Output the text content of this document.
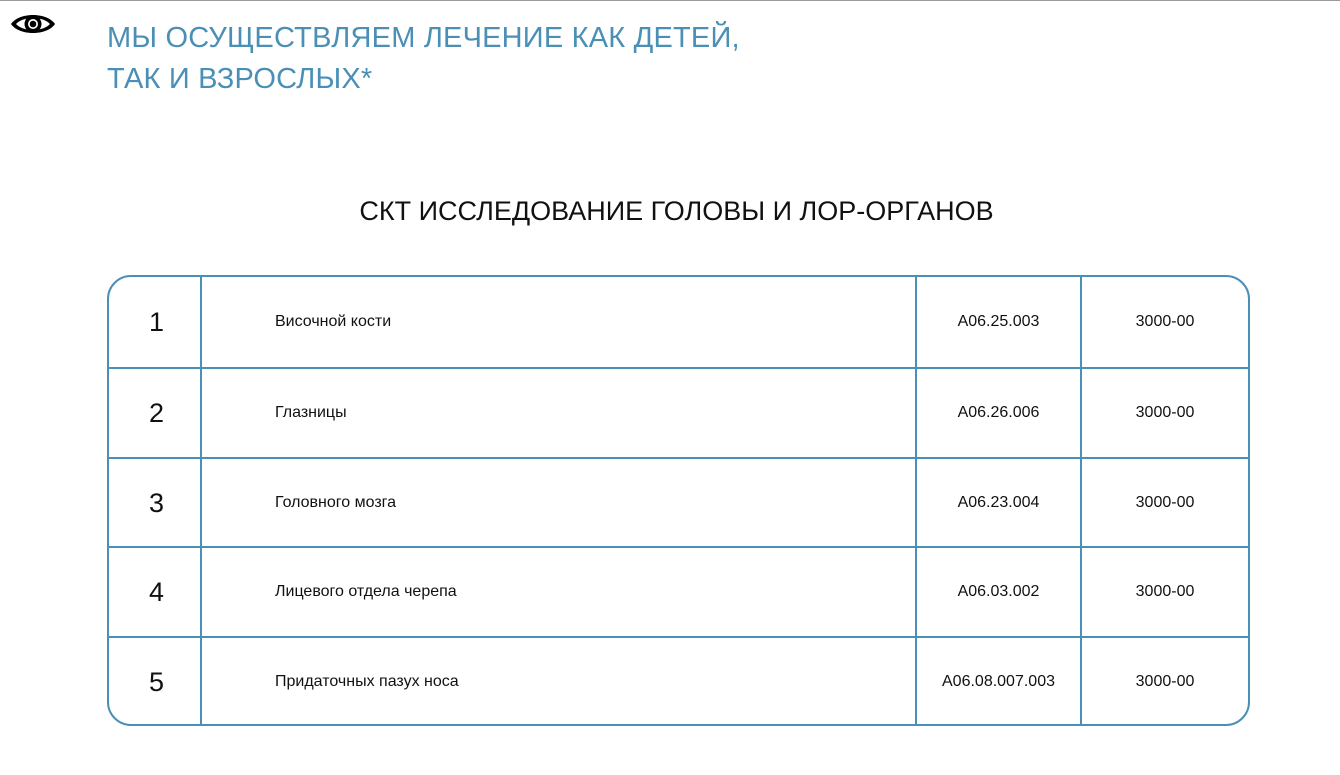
МЫ ОСУЩЕСТВЛЯЕМ ЛЕЧЕНИЕ КАК ДЕТЕЙ,
ТАК И ВЗРОСЛЫХ*
СКТ ИССЛЕДОВАНИЕ ГОЛОВЫ И ЛОР-ОРГАНОВ
1	Височной кости	А06.25.003	3000-00
2	Глазницы	А06.26.006	3000-00
3	Головного мозга	А06.23.004	3000-00
4	Лицевого отдела черепа	А06.03.002	3000-00
5	Придаточных пазух носа	А06.08.007.003	3000-00
